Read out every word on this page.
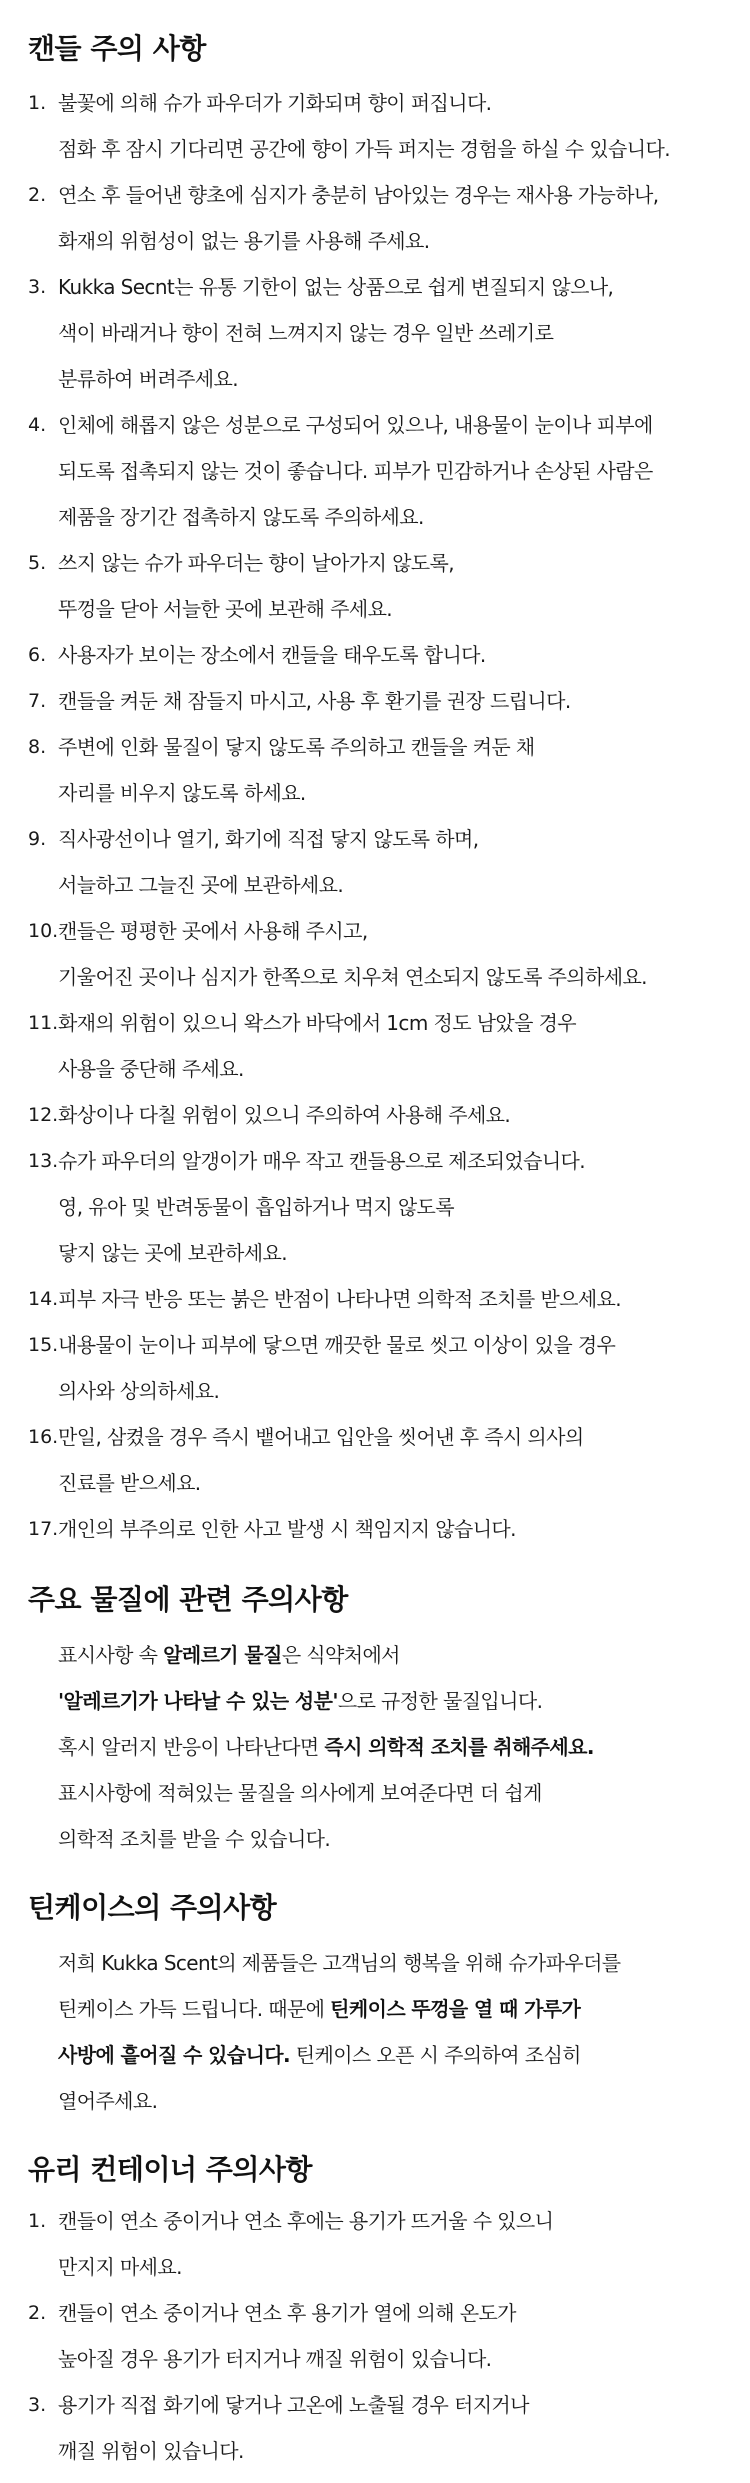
캔들 주의 사항
1. 불꽃에 의해 슈가 파우더가 기화되며 향이 퍼집니다.
점화 후 잠시 기다리면 공간에 향이 가득 퍼지는 경험을 하실 수 있습니다.
2. 연소 후 들어낸 향초에 심지가 충분히 남아있는 경우는 재사용 가능하나,
화재의 위험성이 없는 용기를 사용해 주세요.
3. Kukka Secnt는 유통 기한이 없는 상품으로 쉽게 변질되지 않으나,
색이 바래거나 향이 전혀 느껴지지 않는 경우 일반 쓰레기로
분류하여 버려주세요.
4. 인체에 해롭지 않은 성분으로 구성되어 있으나, 내용물이 눈이나 피부에
되도록 접촉되지 않는 것이 좋습니다. 피부가 민감하거나 손상된 사람은
제품을 장기간 접촉하지 않도록 주의하세요.
5. 쓰지 않는 슈가 파우더는 향이 날아가지 않도록,
뚜껑을 닫아 서늘한 곳에 보관해 주세요.
6. 사용자가 보이는 장소에서 캔들을 태우도록 합니다.
7. 캔들을 켜둔 채 잠들지 마시고, 사용 후 환기를 권장 드립니다.
8. 주변에 인화 물질이 닿지 않도록 주의하고 캔들을 켜둔 채
자리를 비우지 않도록 하세요.
9. 직사광선이나 열기, 화기에 직접 닿지 않도록 하며,
서늘하고 그늘진 곳에 보관하세요.
10. 캔들은 평평한 곳에서 사용해 주시고,
기울어진 곳이나 심지가 한쪽으로 치우쳐 연소되지 않도록 주의하세요.
11. 화재의 위험이 있으니 왁스가 바닥에서 1cm 정도 남았을 경우
사용을 중단해 주세요.
12. 화상이나 다칠 위험이 있으니 주의하여 사용해 주세요.
13. 슈가 파우더의 알갱이가 매우 작고 캔들용으로 제조되었습니다.
영, 유아 및 반려동물이 흡입하거나 먹지 않도록
닿지 않는 곳에 보관하세요.
14. 피부 자극 반응 또는 붉은 반점이 나타나면 의학적 조치를 받으세요.
15. 내용물이 눈이나 피부에 닿으면 깨끗한 물로 씻고 이상이 있을 경우
의사와 상의하세요.
16. 만일, 삼켰을 경우 즉시 뱉어내고 입안을 씻어낸 후 즉시 의사의
진료를 받으세요.
17. 개인의 부주의로 인한 사고 발생 시 책임지지 않습니다.
주요 물질에 관련 주의사항
표시사항 속 알레르기 물질은 식약처에서
'알레르기가 나타날 수 있는 성분'으로 규정한 물질입니다.
혹시 알러지 반응이 나타난다면 즉시 의학적 조치를 취해주세요.
표시사항에 적혀있는 물질을 의사에게 보여준다면 더 쉽게
의학적 조치를 받을 수 있습니다.
틴케이스의 주의사항
저희 Kukka Scent의 제품들은 고객님의 행복을 위해 슈가파우더를
틴케이스 가득 드립니다. 때문에 틴케이스 뚜껑을 열 때 가루가
사방에 흩어질 수 있습니다. 틴케이스 오픈 시 주의하여 조심히
열어주세요.
유리 컨테이너 주의사항
1. 캔들이 연소 중이거나 연소 후에는 용기가 뜨거울 수 있으니
만지지 마세요.
2. 캔들이 연소 중이거나 연소 후 용기가 열에 의해 온도가
높아질 경우 용기가 터지거나 깨질 위험이 있습니다.
3. 용기가 직접 화기에 닿거나 고온에 노출될 경우 터지거나
깨질 위험이 있습니다.
